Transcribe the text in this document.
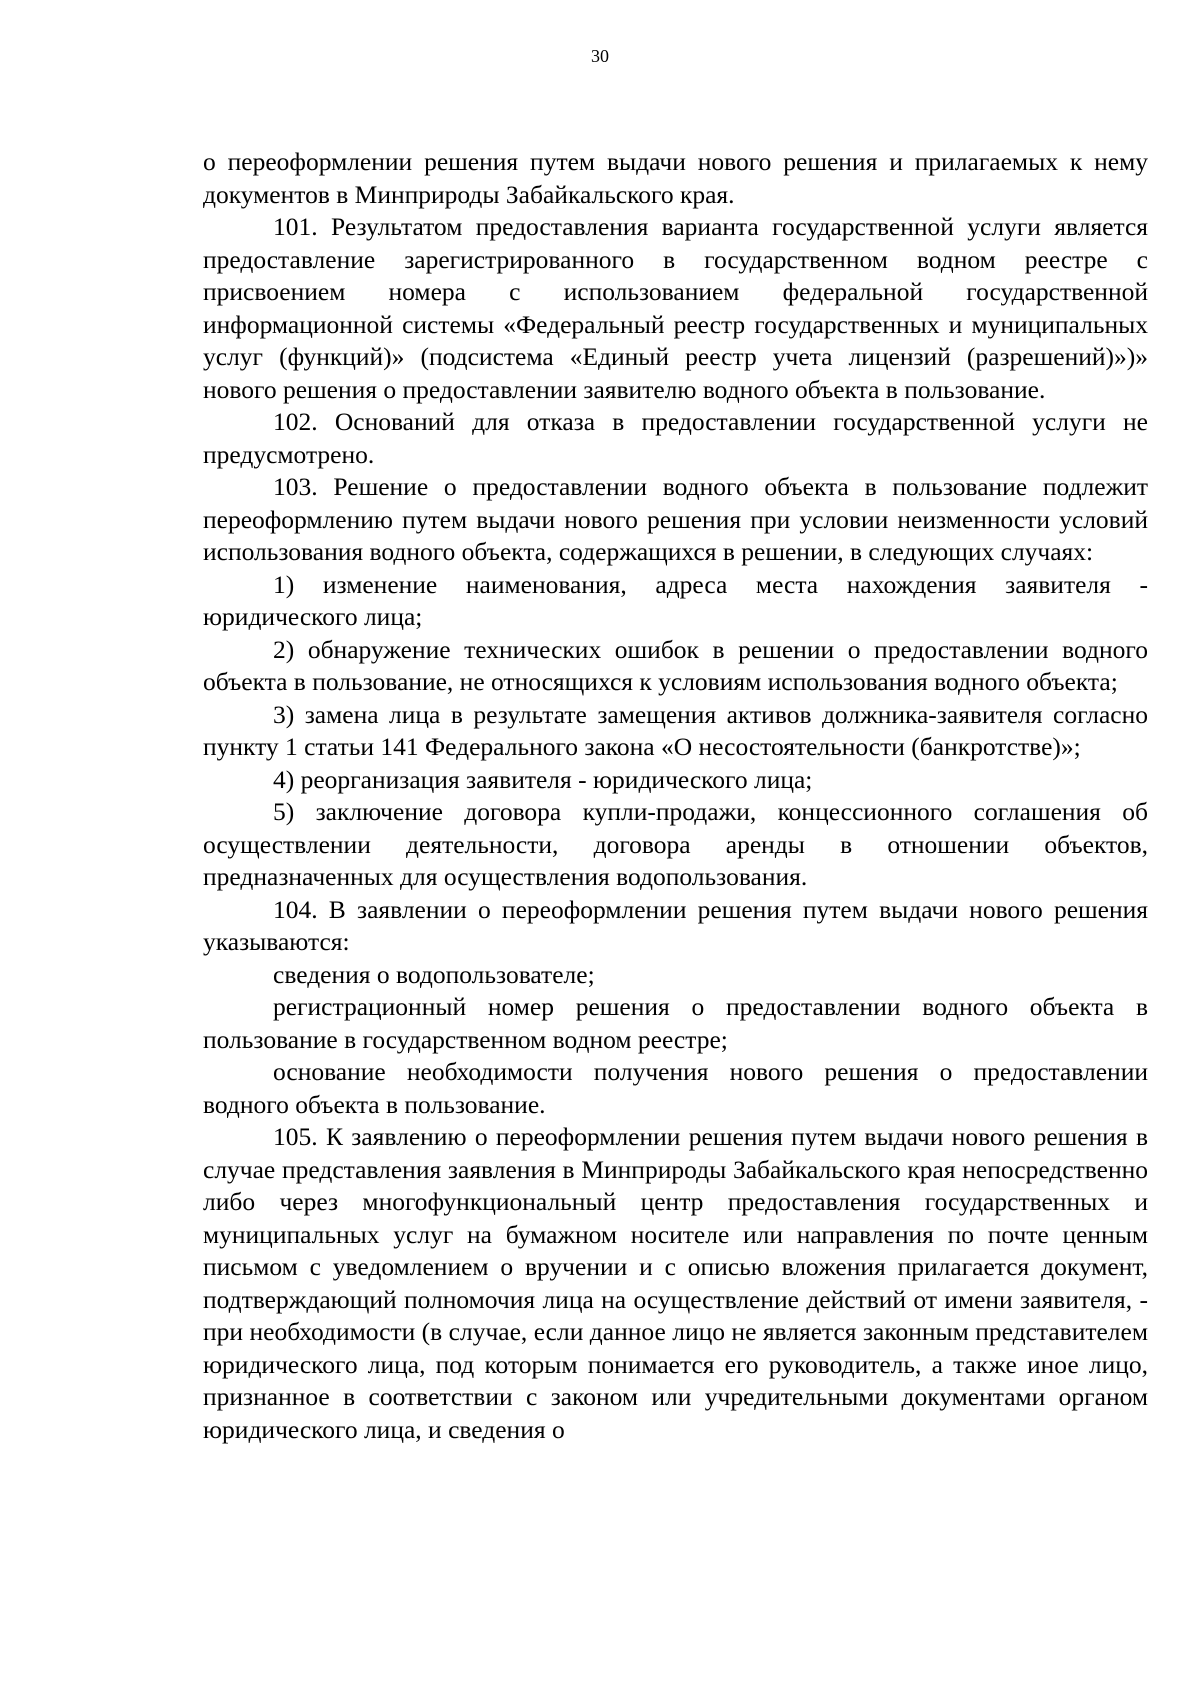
30

о переоформлении решения путем выдачи нового решения и прилагаемых к нему документов в Минприроды Забайкальского края.

101. Результатом предоставления варианта государственной услуги является предоставление зарегистрированного в государственном водном реестре с присвоением номера с использованием федеральной государственной информационной системы «Федеральный реестр государственных и муниципальных услуг (функций)» (подсистема «Единый реестр учета лицензий (разрешений)»)» нового решения о предоставлении заявителю водного объекта в пользование.

102. Оснований для отказа в предоставлении государственной услуги не предусмотрено.

103. Решение о предоставлении водного объекта в пользование подлежит переоформлению путем выдачи нового решения при условии неизменности условий использования водного объекта, содержащихся в решении, в следующих случаях:

1) изменение наименования, адреса места нахождения заявителя - юридического лица;

2) обнаружение технических ошибок в решении о предоставлении водного объекта в пользование, не относящихся к условиям использования водного объекта;

3) замена лица в результате замещения активов должника-заявителя согласно пункту 1 статьи 141 Федерального закона «О несостоятельности (банкротстве)»;

4) реорганизация заявителя - юридического лица;

5) заключение договора купли-продажи, концессионного соглашения об осуществлении деятельности, договора аренды в отношении объектов, предназначенных для осуществления водопользования.

104. В заявлении о переоформлении решения путем выдачи нового решения указываются:

сведения о водопользователе;

регистрационный номер решения о предоставлении водного объекта в пользование в государственном водном реестре;

основание необходимости получения нового решения о предоставлении водного объекта в пользование.

105. К заявлению о переоформлении решения путем выдачи нового решения в случае представления заявления в Минприроды Забайкальского края непосредственно либо через многофункциональный центр предоставления государственных и муниципальных услуг на бумажном носителе или направления по почте ценным письмом с уведомлением о вручении и с описью вложения прилагается документ, подтверждающий полномочия лица на осуществление действий от имени заявителя, - при необходимости (в случае, если данное лицо не является законным представителем юридического лица, под которым понимается его руководитель, а также иное лицо, признанное в соответствии с законом или учредительными документами органом юридического лица, и сведения о
